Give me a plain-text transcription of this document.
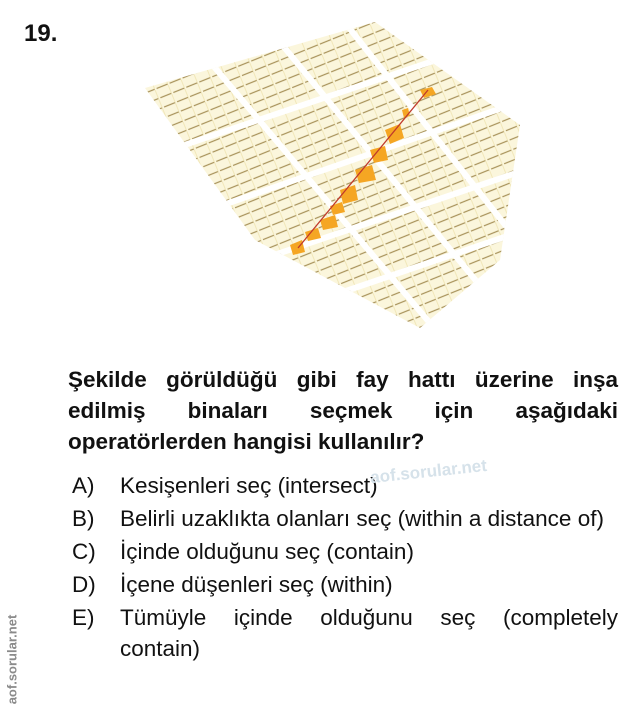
19.
Şekilde görüldüğü gibi fay hattı üzerine inşa edilmiş binaları seçmek için aşağıdaki operatörlerden hangisi kullanılır?
A)	Kesişenleri seç (intersect)
B)	Belirli uzaklıkta olanları seç (within a distance of)
C)	İçinde olduğunu seç (contain)
D)	İçene düşenleri seç (within)
E)	Tümüyle içinde olduğunu seç (completely contain)
aof.sorular.net
aof.sorular.net
